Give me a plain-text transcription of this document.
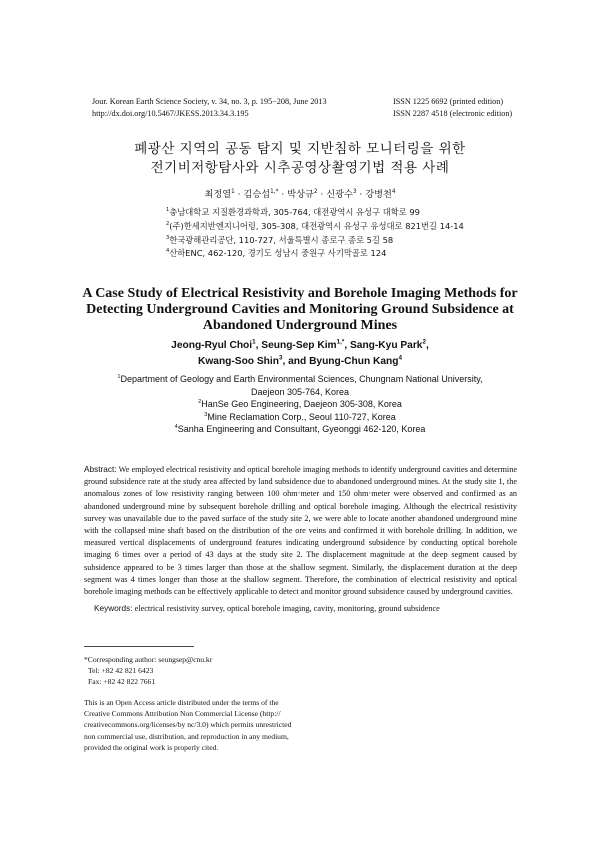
Jour. Korean Earth Science Society, v. 34, no. 3, p. 195−208, June 2013
http://dx.doi.org/10.5467/JKESS.2013.34.3.195
ISSN 1225 6692 (printed edition)
ISSN 2287 4518 (electronic edition)
폐광산 지역의 공동 탐지 및 지반침하 모니터링을 위한
전기비저항탐사와 시추공영상촬영기법 적용 사례
최정열$^1$ · 김승섭$^{1,*}$ · 박상규$^2$ · 신광수$^3$ · 강병천$^4$
$^1$충남대학교 지질환경과학과, 305-764, 대전광역시 유성구 대학로 99
$^2$(주)한세지반엔지니어링, 305-308, 대전광역시 유성구 유성대로 821번길 14-14
$^3$한국광해관리공단, 110-727, 서울특별시 종로구 종로 5길 58
$^4$산하ENC, 462-120, 경기도 성남시 중원구 사기막골로 124
A Case Study of Electrical Resistivity and Borehole Imaging Methods for
Detecting Underground Cavities and Monitoring Ground Subsidence at
Abandoned Underground Mines
Jeong-Ryul Choi$^1$, Seung-Sep Kim$^{1,*}$, Sang-Kyu Park$^2$,
Kwang-Soo Shin$^3$, and Byung-Chun Kang$^4$
$^1$Department of Geology and Earth Environmental Sciences, Chungnam National University,
Daejeon 305-764, Korea
$^2$HanSe Geo Engineering, Daejeon 305-308, Korea
$^3$Mine Reclamation Corp., Seoul 110-727, Korea
$^4$Sanha Engineering and Consultant, Gyeonggi 462-120, Korea
Abstract: We employed electrical resistivity and optical borehole imaging methods to identify underground cavities and determine ground subsidence rate at the study area affected by land subsidence due to abandoned underground mines. At the study site 1, the anomalous zones of low resistivity ranging between 100 ohm·meter and 150 ohm·meter were observed and confirmed as an abandoned underground mine by subsequent borehole drilling and optical borehole imaging. Although the electrical resistivity survey was unavailable due to the paved surface of the study site 2, we were able to locate another abandoned underground mine with the collapsed mine shaft based on the distribution of the ore veins and confirmed it with borehole drilling. In addition, we measured vertical displacements of underground features indicating underground subsidence by conducting optical borehole imaging 6 times over a period of 43 days at the study site 2. The displacement magnitude at the deep segment caused by subsidence appeared to be 3 times larger than those at the shallow segment. Similarly, the displacement duration at the deep segment was 4 times longer than those at the shallow segment. Therefore, the combination of electrical resistivity and optical borehole imaging methods can be effectively applicable to detect and monitor ground subsidence caused by underground cavities.
Keywords: electrical resistivity survey, optical borehole imaging, cavity, monitoring, ground subsidence
*Corresponding author: seungsep@cnu.kr
Tel: +82 42 821 6423
Fax: +82 42 822 7661
This is an Open Access article distributed under the terms of the
Creative Commons Attribution Non Commercial License (http://
creativecommons.org/licenses/by nc/3.0) which permits unrestricted
non commercial use, distribution, and reproduction in any medium,
provided the original work is properly cited.
